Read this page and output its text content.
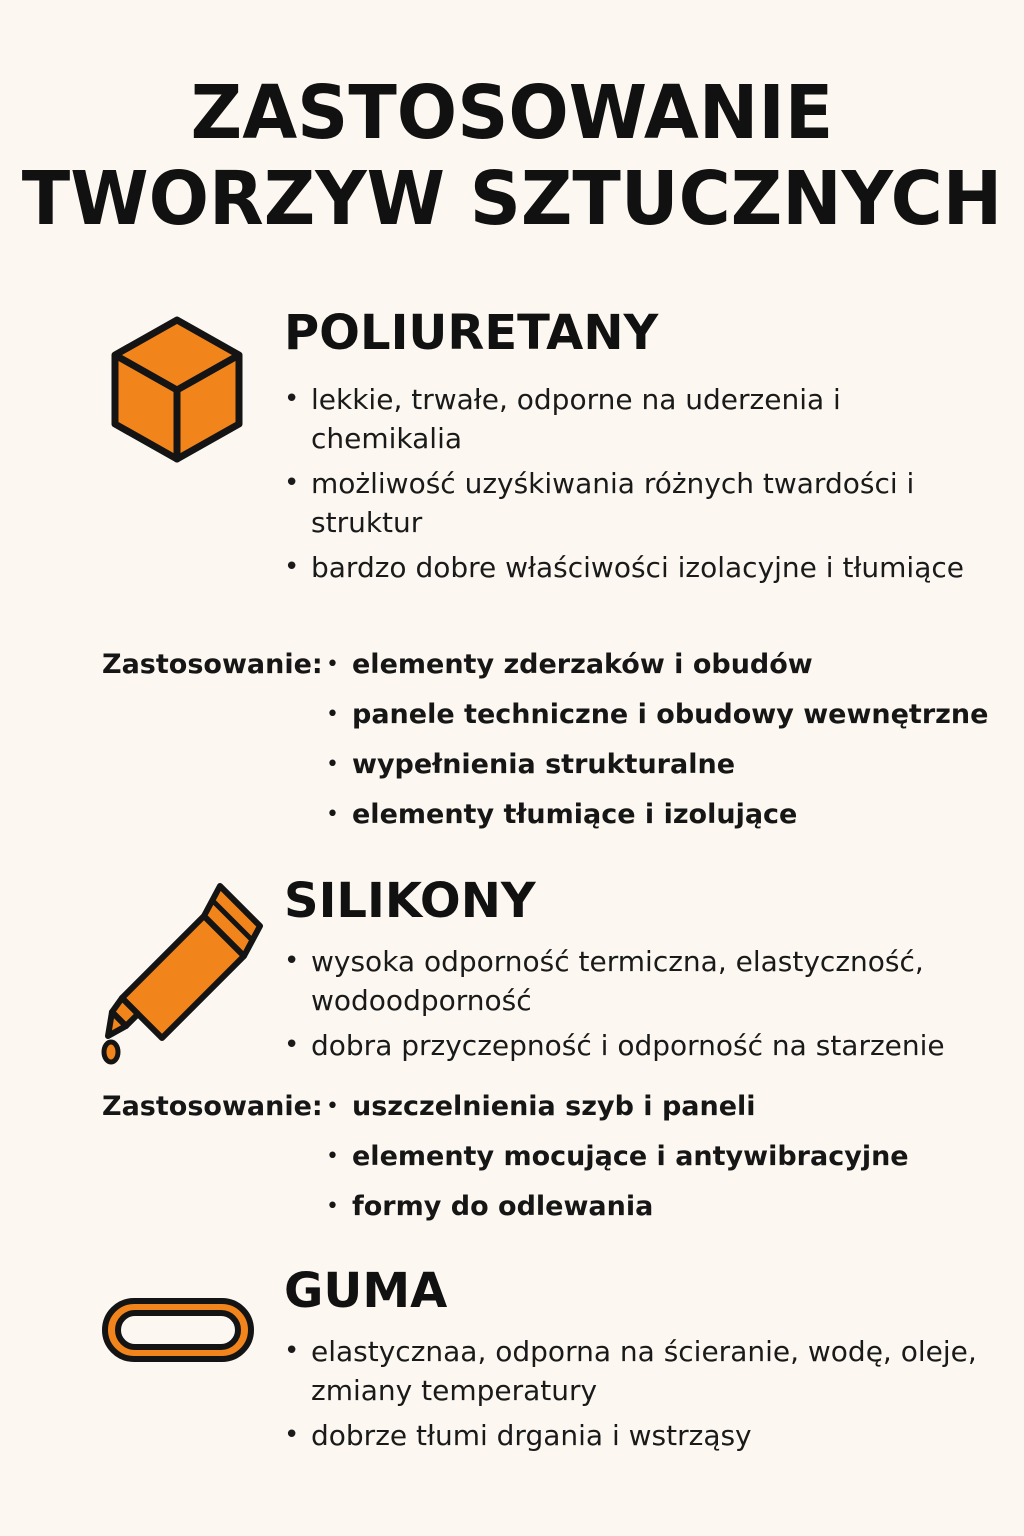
ZASTOSOWANIE
TWORZYW SZTUCZNYCH
POLIURETANY
• lekkie, trwałe, odporne na uderzenia i chemikalia
• możliwość uzyśkiwania różnych twardości i struktur
• bardzo dobre właściwości izolacyjne i tłumiące

Zastosowanie: • elementy zderzaków i obudów
• panele techniczne i obudowy wewnętrzne
• wypełnienia strukturalne
• elementy tłumiące i izolujące
SILIKONY
• wysoka odporność termiczna, elastyczność, wodoodporność
• dobra przyczepność i odporność na starzenie

Zastosowanie: • uszczelnienia szyb i paneli
• elementy mocujące i antywibracyjne
• formy do odlewania
GUMA
• elastycznaa, odporna na ścieranie, wodę, oleje, zmiany temperatury
• dobrze tłumi drgania i wstrząsy
